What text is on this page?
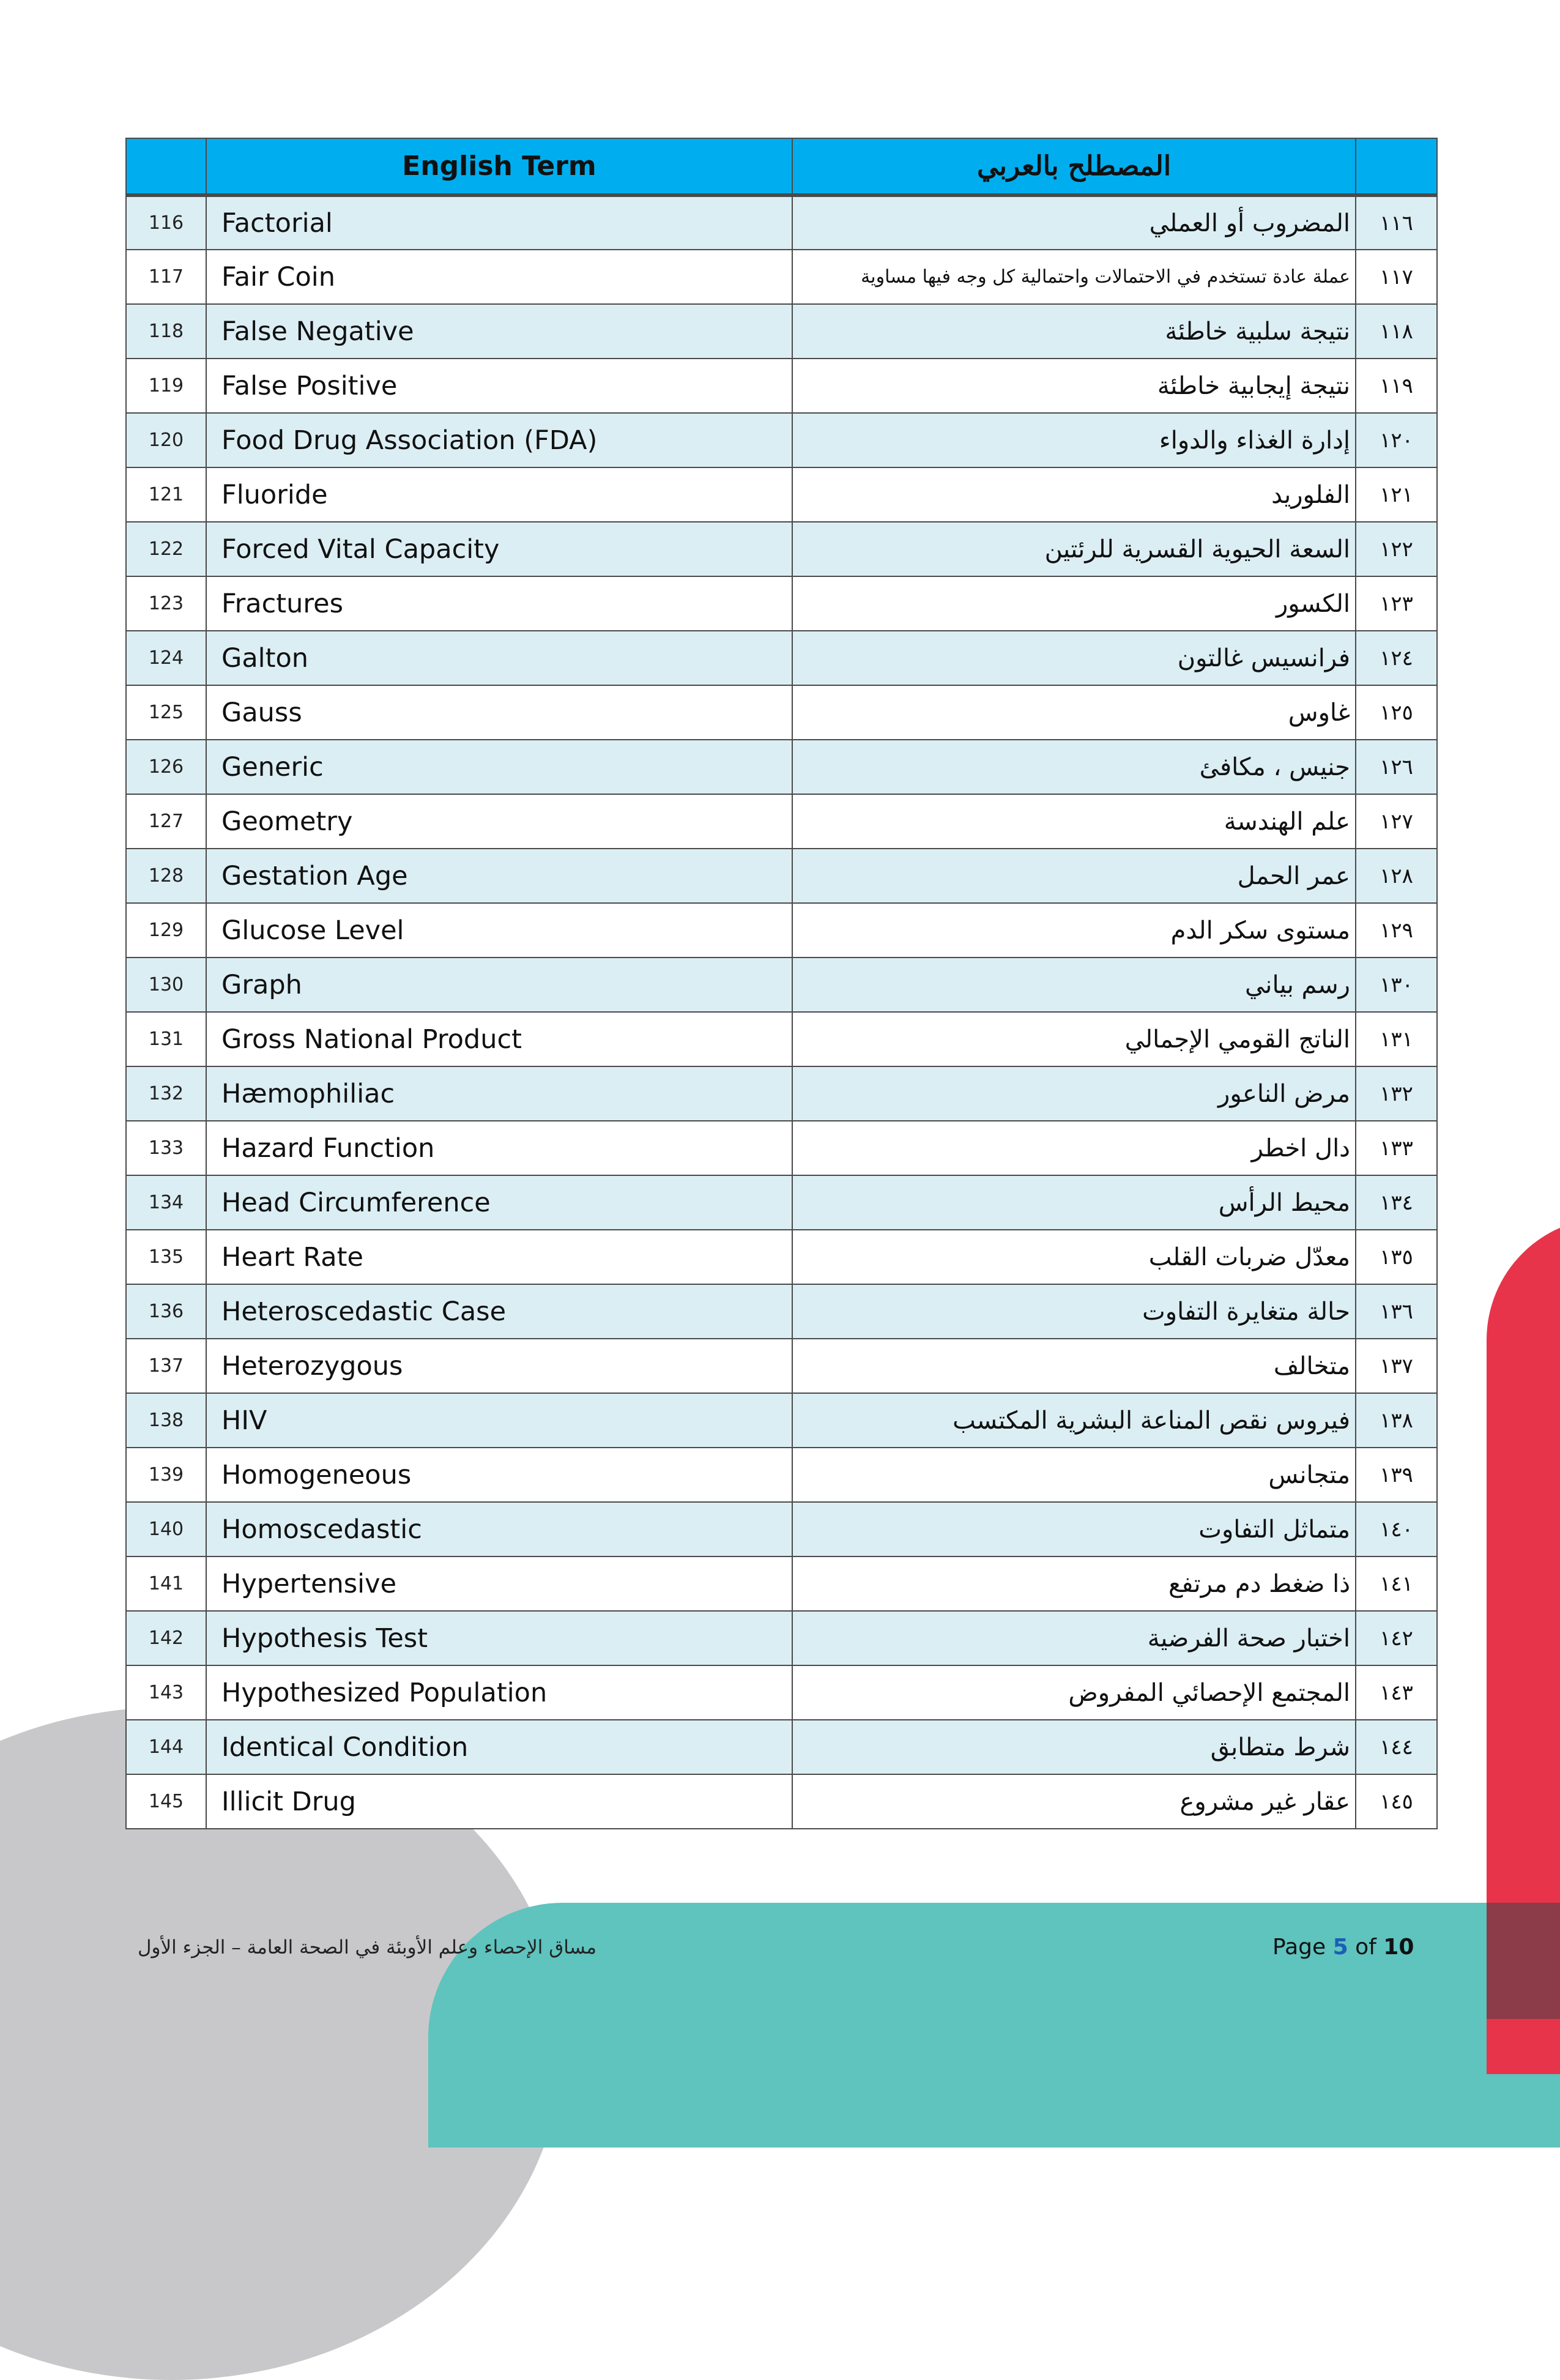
	English Term	المصطلح بالعربي	
116	Factorial	المضروب أو العملي	١١٦
117	Fair Coin	عملة عادة تستخدم في الاحتمالات واحتمالية كل وجه فيها مساوية	١١٧
118	False Negative	نتيجة سلبية خاطئة	١١٨
119	False Positive	نتيجة إيجابية خاطئة	١١٩
120	Food Drug Association (FDA)	إدارة الغذاء والدواء	١٢٠
121	Fluoride	الفلوريد	١٢١
122	Forced Vital Capacity	السعة الحيوية القسرية للرئتين	١٢٢
123	Fractures	الكسور	١٢٣
124	Galton	فرانسيس غالتون	١٢٤
125	Gauss	غاوس	١٢٥
126	Generic	جنيس ، مكافئ	١٢٦
127	Geometry	علم الهندسة	١٢٧
128	Gestation Age	عمر الحمل	١٢٨
129	Glucose Level	مستوى سكر الدم	١٢٩
130	Graph	رسم بياني	١٣٠
131	Gross National Product	الناتج القومي الإجمالي	١٣١
132	Hæmophiliac	مرض الناعور	١٣٢
133	Hazard Function	دال اخطر	١٣٣
134	Head Circumference	محيط الرأس	١٣٤
135	Heart Rate	معدّل ضربات القلب	١٣٥
136	Heteroscedastic Case	حالة متغايرة التفاوت	١٣٦
137	Heterozygous	متخالف	١٣٧
138	HIV	فيروس نقص المناعة البشرية المكتسب	١٣٨
139	Homogeneous	متجانس	١٣٩
140	Homoscedastic	متماثل التفاوت	١٤٠
141	Hypertensive	ذا ضغط دم مرتفع	١٤١
142	Hypothesis Test	اختبار صحة الفرضية	١٤٢
143	Hypothesized Population	المجتمع الإحصائي المفروض	١٤٣
144	Identical Condition	شرط متطابق	١٤٤
145	Illicit Drug	عقار غير مشروع	١٤٥
مساق الإحصاء وعلم الأوبئة في الصحة العامة – الجزء الأول	Page 5 of 10
